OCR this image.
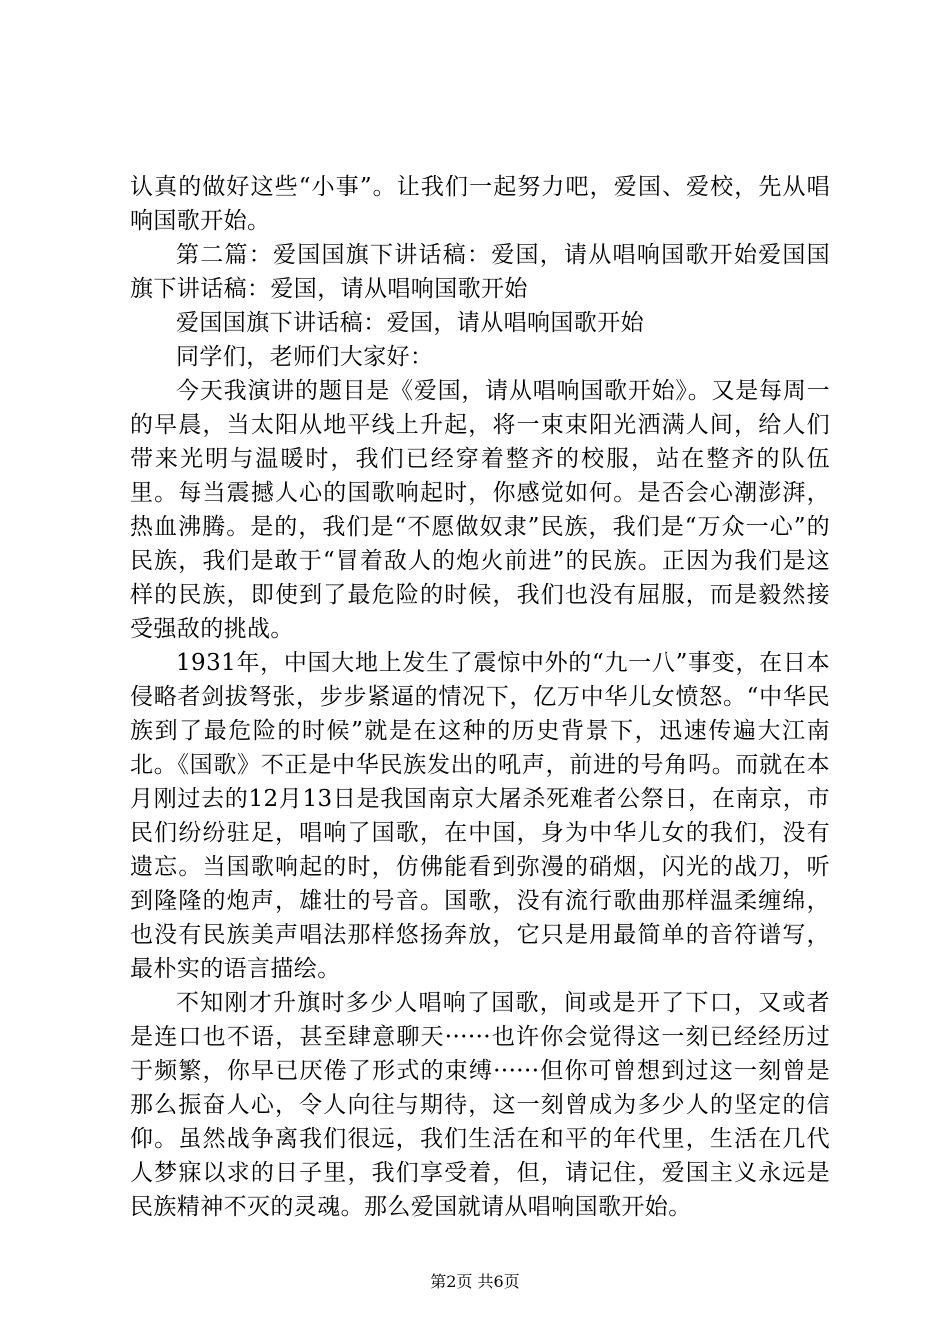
认真的做好这些“小事”。让我们一起努力吧，爱国、爱校，先从唱响国歌开始。

第二篇：爱国国旗下讲话稿：爱国，请从唱响国歌开始爱国国旗下讲话稿：爱国，请从唱响国歌开始

爱国国旗下讲话稿：爱国，请从唱响国歌开始

同学们，老师们大家好：

今天我演讲的题目是《爱国，请从唱响国歌开始》。又是每周一的早晨，当太阳从地平线上升起，将一束束阳光洒满人间，给人们带来光明与温暖时，我们已经穿着整齐的校服，站在整齐的队伍里。每当震撼人心的国歌响起时，你感觉如何。是否会心潮澎湃，热血沸腾。是的，我们是“不愿做奴隶”民族，我们是“万众一心”的民族，我们是敢于“冒着敌人的炮火前进”的民族。正因为我们是这样的民族，即使到了最危险的时候，我们也没有屈服，而是毅然接受强敌的挑战。

1931年，中国大地上发生了震惊中外的“九一八”事变，在日本侵略者剑拔弩张，步步紧逼的情况下，亿万中华儿女愤怒。“中华民族到了最危险的时候”就是在这种的历史背景下，迅速传遍大江南北。《国歌》不正是中华民族发出的吼声，前进的号角吗。而就在本月刚过去的12月13日是我国南京大屠杀死难者公祭日，在南京，市民们纷纷驻足，唱响了国歌，在中国，身为中华儿女的我们，没有遗忘。当国歌响起的时，仿佛能看到弥漫的硝烟，闪光的战刀，听到隆隆的炮声，雄壮的号音。国歌，没有流行歌曲那样温柔缠绵，也没有民族美声唱法那样悠扬奔放，它只是用最简单的音符谱写，最朴实的语言描绘。

不知刚才升旗时多少人唱响了国歌，间或是开了下口，又或者是连口也不语，甚至肆意聊天······也许你会觉得这一刻已经经历过于频繁，你早已厌倦了形式的束缚······但你可曾想到过这一刻曾是那么振奋人心，令人向往与期待，这一刻曾成为多少人的坚定的信仰。虽然战争离我们很远，我们生活在和平的年代里，生活在几代人梦寐以求的日子里，我们享受着，但，请记住，爱国主义永远是民族精神不灭的灵魂。那么爱国就请从唱响国歌开始。

第2页 共6页
